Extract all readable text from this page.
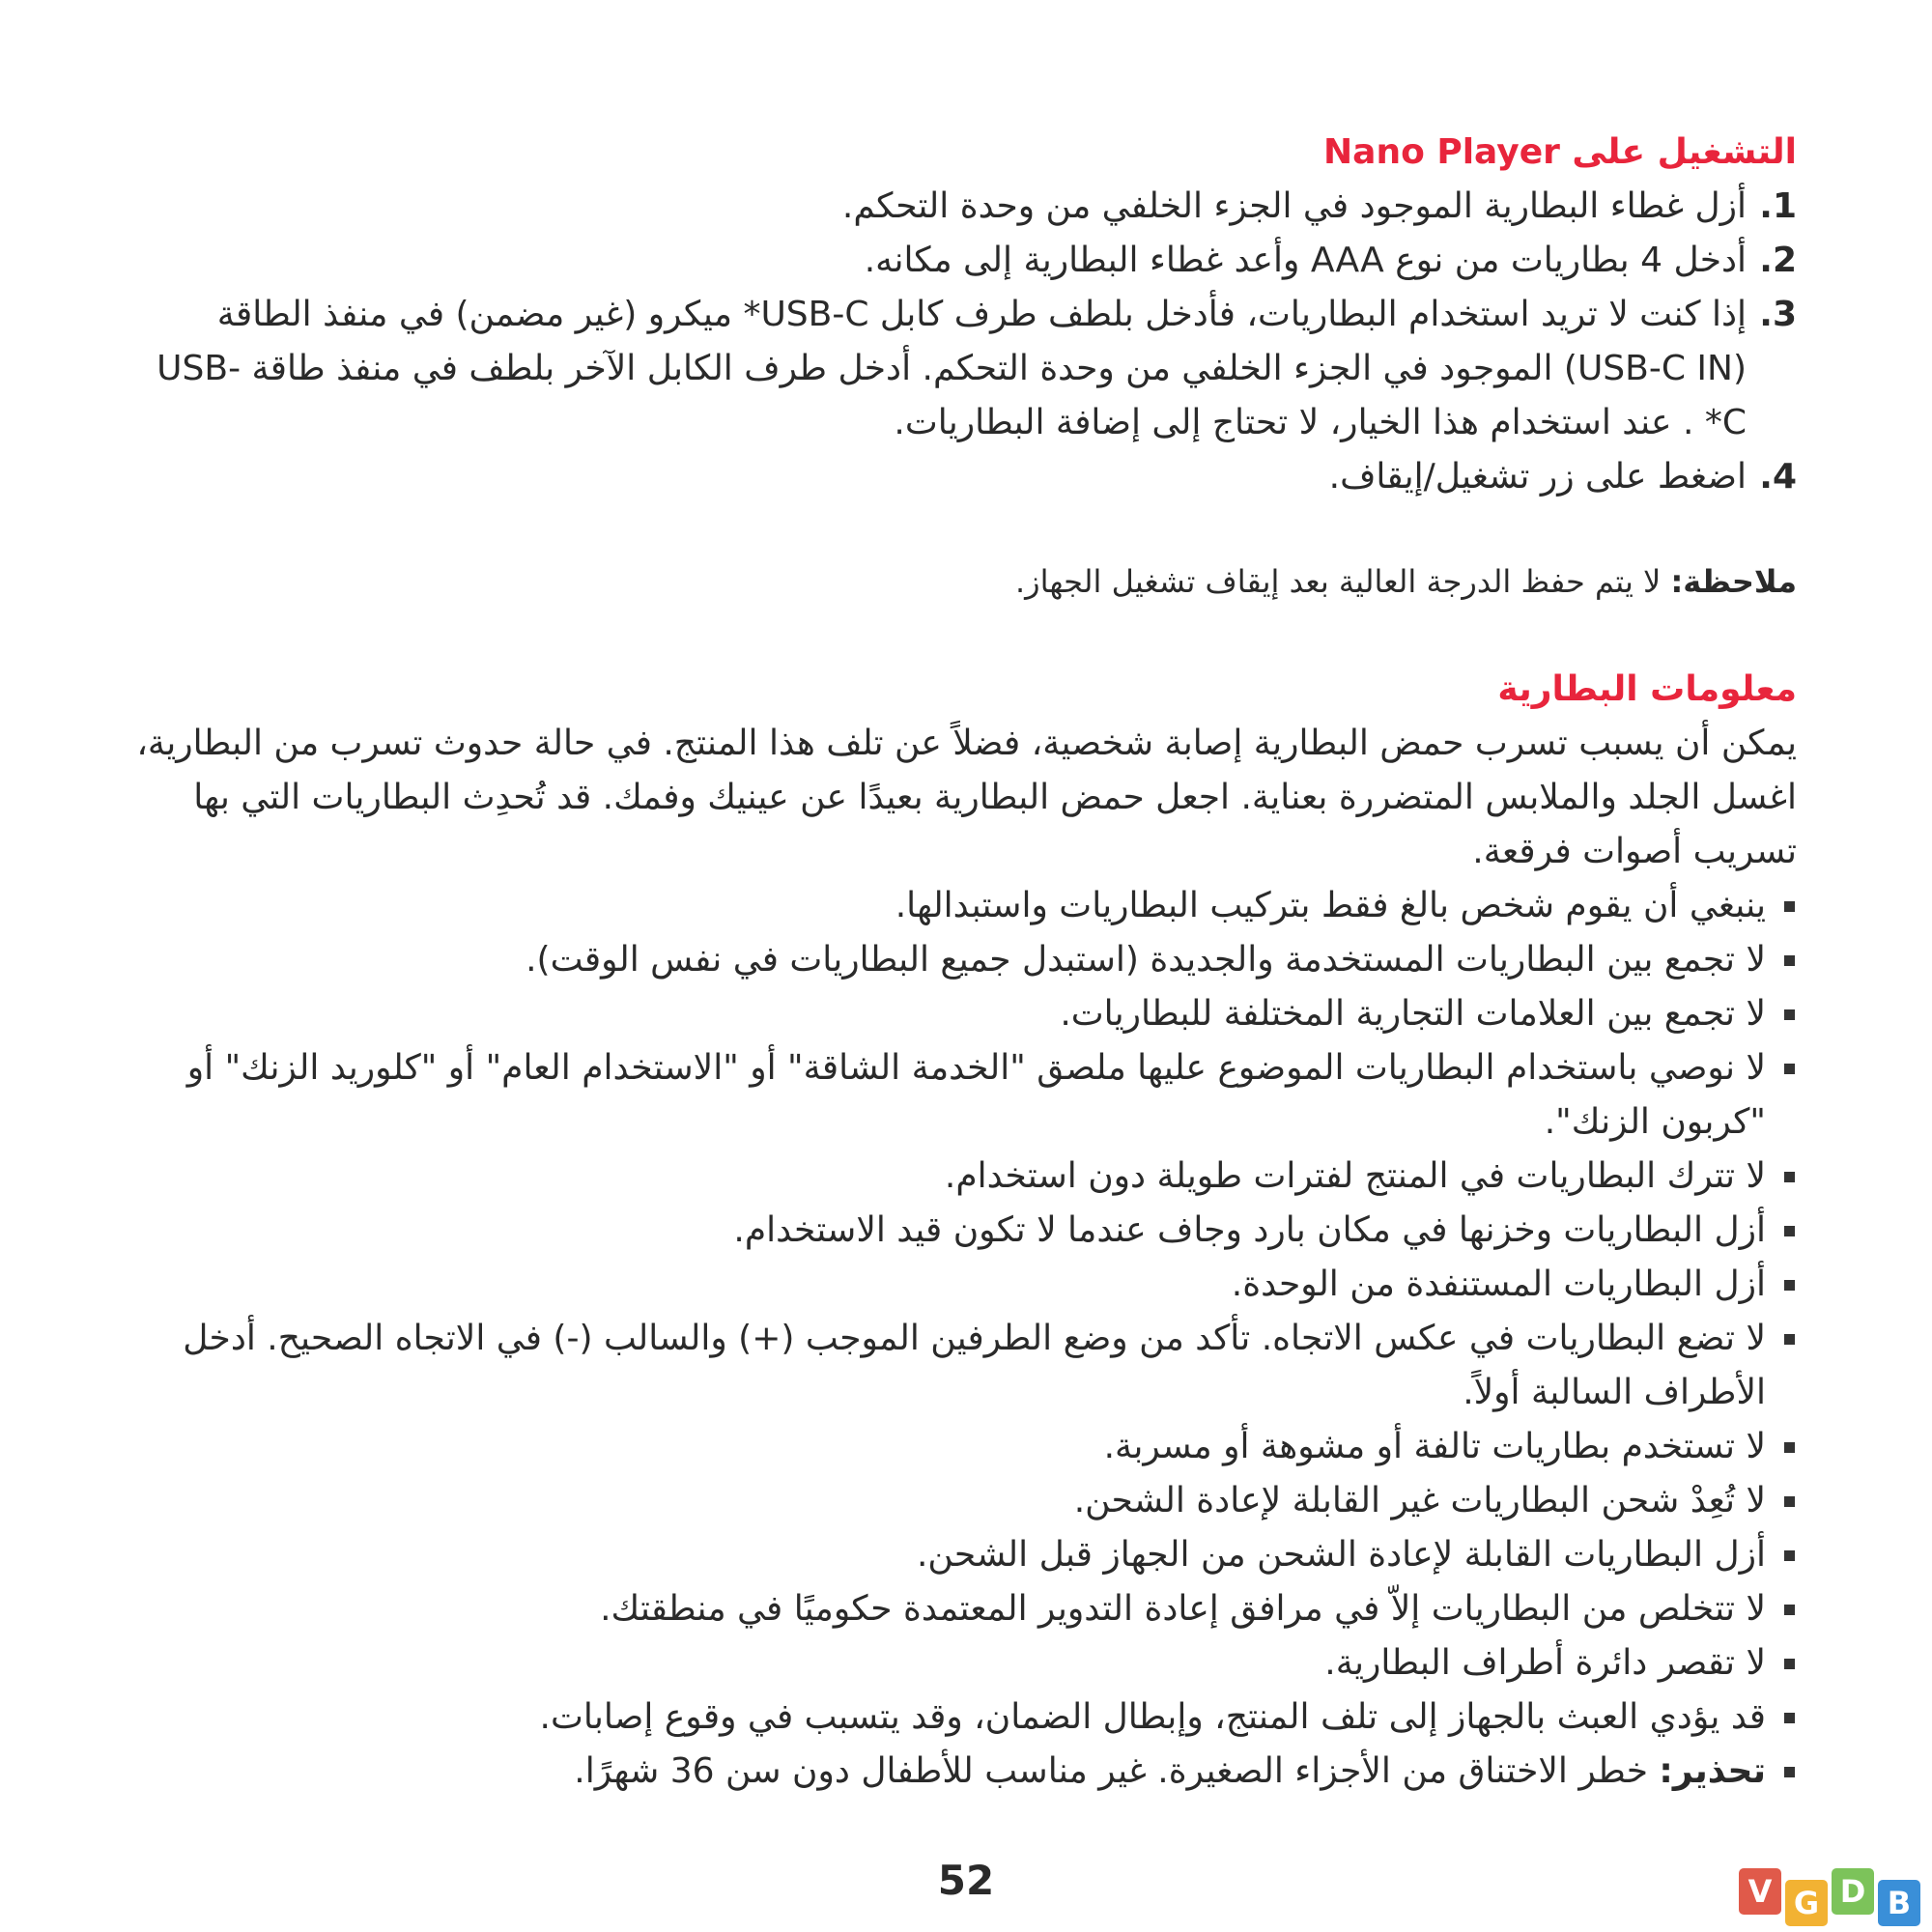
التشغيل على Nano Player
1.
أزل غطاء البطارية الموجود في الجزء الخلفي من وحدة التحكم.
2.
أدخل 4 بطاريات من نوع AAA وأعد غطاء البطارية إلى مكانه.
3.
إذا كنت لا تريد استخدام البطاريات، فأدخل بلطف طرف كابل USB-C* ميكرو (غير مضمن) في منفذ الطاقة (USB-C IN) الموجود في الجزء الخلفي من وحدة التحكم. أدخل طرف الكابل الآخر بلطف في منفذ طاقة USB-C* . عند استخدام هذا الخيار، لا تحتاج إلى إضافة البطاريات.
4.
اضغط على زر تشغيل/إيقاف.

ملاحظة: لا يتم حفظ الدرجة العالية بعد إيقاف تشغيل الجهاز.

معلومات البطارية

يمكن أن يسبب تسرب حمض البطارية إصابة شخصية، فضلاً عن تلف هذا المنتج. في حالة حدوث تسرب من البطارية، اغسل الجلد والملابس المتضررة بعناية. اجعل حمض البطارية بعيدًا عن عينيك وفمك. قد تُحدِث البطاريات التي بها تسريب أصوات فرقعة.

ينبغي أن يقوم شخص بالغ فقط بتركيب البطاريات واستبدالها.
لا تجمع بين البطاريات المستخدمة والجديدة (استبدل جميع البطاريات في نفس الوقت).
لا تجمع بين العلامات التجارية المختلفة للبطاريات.
لا نوصي باستخدام البطاريات الموضوع عليها ملصق "الخدمة الشاقة" أو "الاستخدام العام" أو "كلوريد الزنك" أو "كربون الزنك".
لا تترك البطاريات في المنتج لفترات طويلة دون استخدام.
أزل البطاريات وخزنها في مكان بارد وجاف عندما لا تكون قيد الاستخدام.
أزل البطاريات المستنفدة من الوحدة.
لا تضع البطاريات في عكس الاتجاه. تأكد من وضع الطرفين الموجب (+) والسالب (-) في الاتجاه الصحيح. أدخل الأطراف السالبة أولاً.
لا تستخدم بطاريات تالفة أو مشوهة أو مسربة.
لا تُعِدْ شحن البطاريات غير القابلة لإعادة الشحن.
أزل البطاريات القابلة لإعادة الشحن من الجهاز قبل الشحن.
لا تتخلص من البطاريات إلاّ في مرافق إعادة التدوير المعتمدة حكوميًا في منطقتك.
لا تقصر دائرة أطراف البطارية.
قد يؤدي العبث بالجهاز إلى تلف المنتج، وإبطال الضمان، وقد يتسبب في وقوع إصابات.
تحذير: خطر الاختناق من الأجزاء الصغيرة. غير مناسب للأطفال دون سن 36 شهرًا.
52	V G D B
